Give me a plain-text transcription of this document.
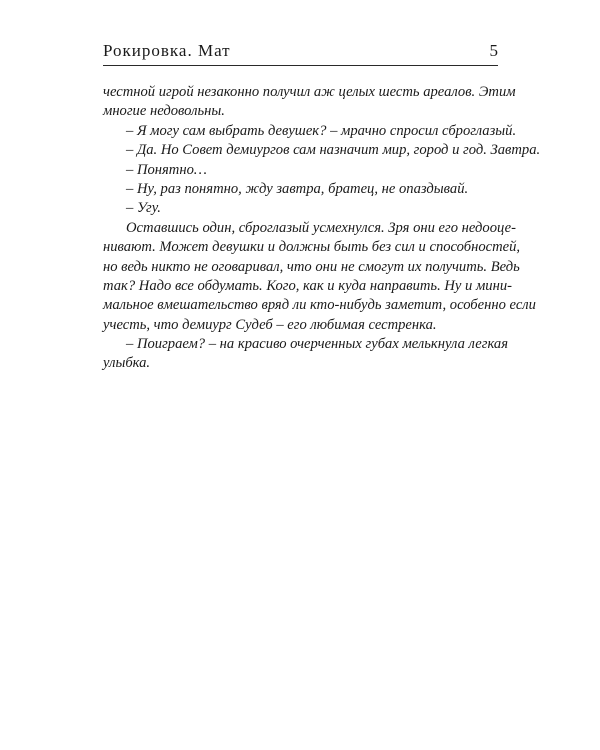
Рокировка. Мат	5
честной игрой незаконно получил аж целых шесть ареалов. Этим
многие недовольны.
– Я могу сам выбрать девушек? – мрачно спросил сброглазый.
– Да. Но Совет демиургов сам назначит мир, город и год. Завтра.
– Понятно…
– Ну, раз понятно, жду завтра, братец, не опаздывай.
– Угу.
Оставшись один, сброглазый усмехнулся. Зря они его недооце-
нивают. Может девушки и должны быть без сил и способностей,
но ведь никто не оговаривал, что они не смогут их получить. Ведь
так? Надо все обдумать. Кого, как и куда направить. Ну и мини-
мальное вмешательство вряд ли кто-нибудь заметит, особенно если
учесть, что демиург Судеб – его любимая сестренка.
– Поиграем? – на красиво очерченных губах мелькнула легкая
улыбка.
